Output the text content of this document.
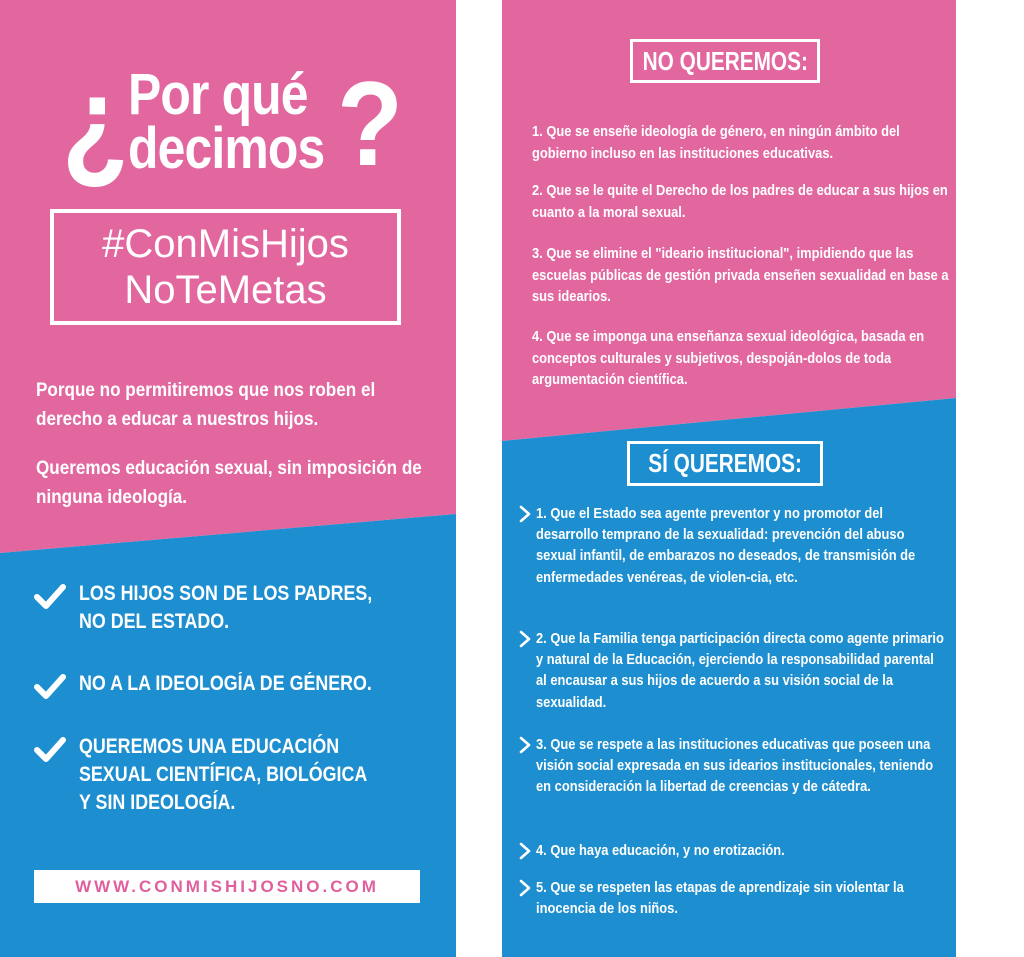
¿ Por qué
decimos ?
#ConMisHijos
NoTeMetas
Porque no permitiremos que nos roben el derecho a educar a nuestros hijos.
Queremos educación sexual, sin imposición de ninguna ideología.
LOS HIJOS SON DE LOS PADRES, NO DEL ESTADO.
NO A LA IDEOLOGÍA DE GÉNERO.
QUEREMOS UNA EDUCACIÓN SEXUAL CIENTÍFICA, BIOLÓGICA Y SIN IDEOLOGÍA.
WWW.CONMISHIJOSNO.COM
NO QUEREMOS:
1. Que se enseñe ideología de género, en ningún ámbito del gobierno incluso en las instituciones educativas.
2. Que se le quite el Derecho de los padres de educar a sus hijos en cuanto a la moral sexual.
3. Que se elimine el "ideario institucional", impidiendo que las escuelas públicas de gestión privada enseñen sexualidad en base a sus idearios.
4. Que se imponga una enseñanza sexual ideológica, basada en conceptos culturales y subjetivos, despoján-dolos de toda argumentación científica.
SÍ QUEREMOS:
1. Que el Estado sea agente preventor y no promotor del desarrollo temprano de la sexualidad: prevención del abuso sexual infantil, de embarazos no deseados, de transmisión de enfermedades venéreas, de violen-cia, etc.
2. Que la Familia tenga participación directa como agente primario y natural de la Educación, ejerciendo la responsabilidad parental al encausar a sus hijos de acuerdo a su visión social de la sexualidad.
3. Que se respete a las instituciones educativas que poseen una visión social expresada en sus idearios institucionales, teniendo en consideración la libertad de creencias y de cátedra.
4. Que haya educación, y no erotización.
5. Que se respeten las etapas de aprendizaje sin violentar la inocencia de los niños.
